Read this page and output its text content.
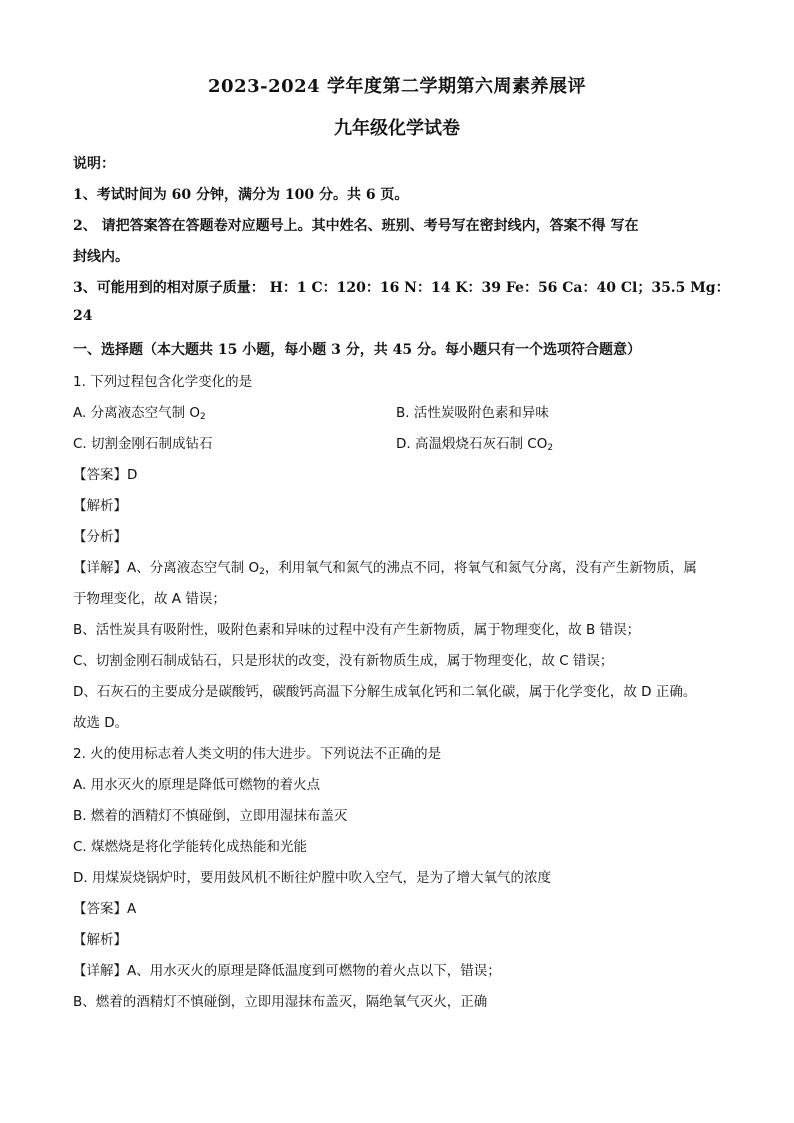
2023-2024 学年度第二学期第六周素养展评
九年级化学试卷
说明：
1、考试时间为 60 分钟，满分为 100 分。共 6 页。
2、 请把答案答在答题卷对应题号上。其中姓名、班别、考号写在密封线内，答案不得 写在
封线内。
3、可能用到的相对原子质量： H：1 C：120：16 N：14 K：39 Fe：56 Ca：40 Cl；35.5 Mg：
24
一、选择题（本大题共 15 小题，每小题 3 分，共 45 分。每小题只有一个选项符合题意）
1. 下列过程包含化学变化的是
A. 分离液态空气制 $O_2$	B. 活性炭吸附色素和异味
C. 切割金刚石制成钻石	D. 高温煅烧石灰石制 $CO_2$
【答案】D
【解析】
【分析】
【详解】A、分离液态空气制 $O_2$，利用氧气和氮气的沸点不同，将氧气和氮气分离，没有产生新物质，属
于物理变化，故 A 错误；
B、活性炭具有吸附性，吸附色素和异味的过程中没有产生新物质，属于物理变化，故 B 错误；
C、切割金刚石制成钻石，只是形状的改变，没有新物质生成，属于物理变化，故 C 错误；
D、石灰石的主要成分是碳酸钙，碳酸钙高温下分解生成氧化钙和二氧化碳，属于化学变化，故 D 正确。
故选 D。
2. 火的使用标志着人类文明的伟大进步。下列说法不正确的是
A. 用水灭火的原理是降低可燃物的着火点
B. 燃着的酒精灯不慎碰倒，立即用湿抹布盖灭
C. 煤燃烧是将化学能转化成热能和光能
D. 用煤炭烧锅炉时，要用鼓风机不断往炉膛中吹入空气，是为了增大氧气的浓度
【答案】A
【解析】
【详解】A、用水灭火的原理是降低温度到可燃物的着火点以下，错误；
B、燃着的酒精灯不慎碰倒，立即用湿抹布盖灭，隔绝氧气灭火，正确
